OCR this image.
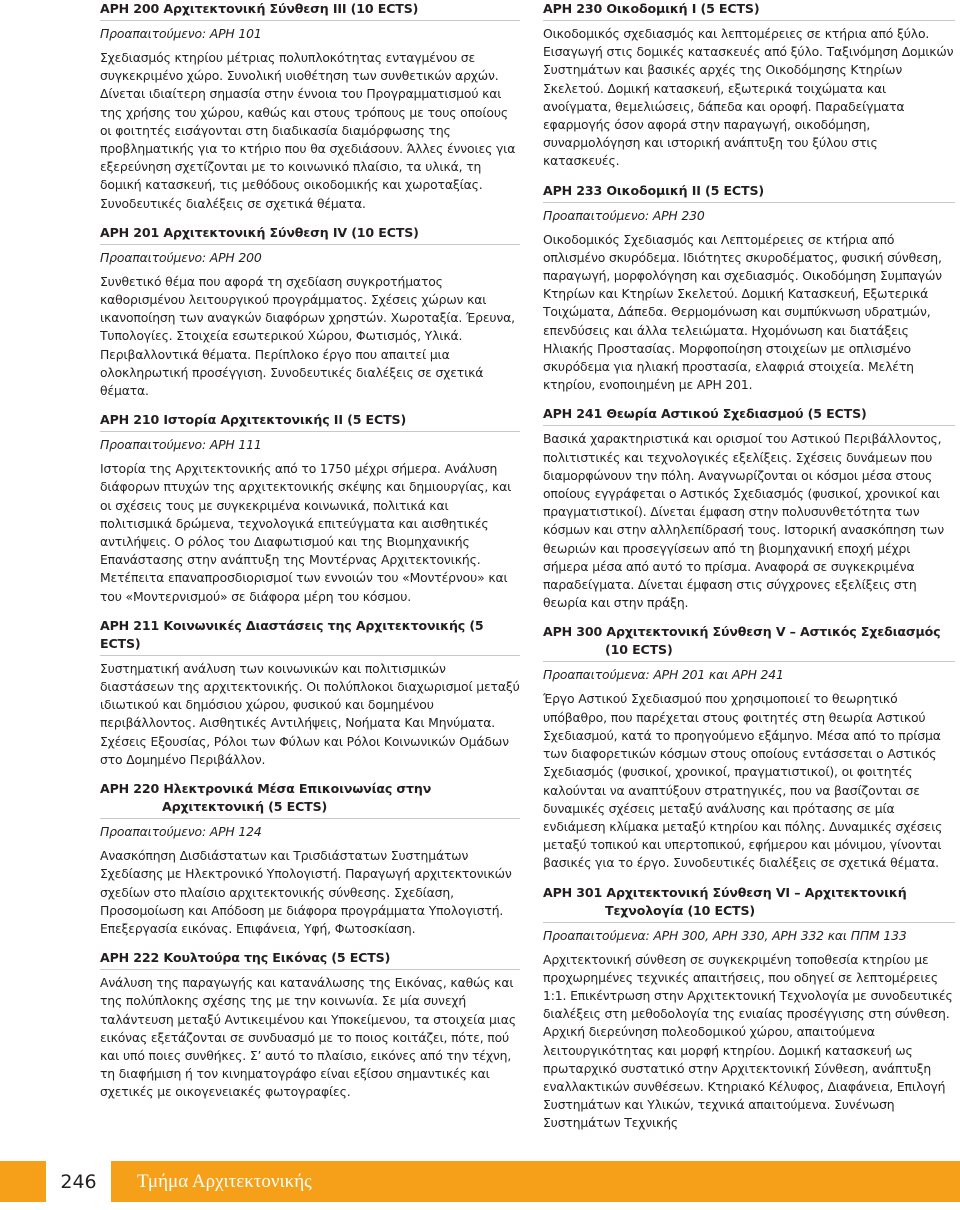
ΑΡΗ 200 Αρχιτεκτονική Σύνθεση ΙΙΙ (10 ECTS)
Προαπαιτούμενο: ΑΡΗ 101

Σχεδιασμός κτηρίου μέτριας πολυπλοκότητας ενταγμένου σε συγκεκριμένο χώρο. Συνολική υιοθέτηση των συνθετικών αρχών. Δίνεται ιδιαίτερη σημασία στην έννοια του Προγραμματισμού και της χρήσης του χώρου, καθώς και στους τρόπους με τους οποίους οι φοιτητές εισάγονται στη διαδικασία διαμόρφωσης της προβληματικής για το κτήριο που θα σχεδιάσουν. Άλλες έννοιες για εξερεύνηση σχετίζονται με το κοινωνικό πλαίσιο, τα υλικά, τη δομική κατασκευή, τις μεθόδους οικοδομικής και χωροταξίας. Συνοδευτικές διαλέξεις σε σχετικά θέματα.

ΑΡΗ 201 Αρχιτεκτονική Σύνθεση ΙV (10 ECTS)
Προαπαιτούμενο: ΑΡΗ 200

Συνθετικό θέμα που αφορά τη σχεδίαση συγκροτήματος καθορισμένου λειτουργικού προγράμματος. Σχέσεις χώρων και ικανοποίηση των αναγκών διαφόρων χρηστών. Χωροταξία. Έρευνα, Τυπολογίες. Στοιχεία εσωτερικού Χώρου, Φωτισμός, Υλικά. Περιβαλλοντικά θέματα. Περίπλοκο έργο που απαιτεί μια ολοκληρωτική προσέγγιση. Συνοδευτικές διαλέξεις σε σχετικά θέματα.

ΑΡΗ 210 Ιστορία Αρχιτεκτονικής ΙΙ (5 ECTS)
Προαπαιτούμενο: ΑΡΗ 111

Ιστορία της Αρχιτεκτονικής από το 1750 μέχρι σήμερα. Ανάλυση διάφορων πτυχών της αρχιτεκτονικής σκέψης και δημιουργίας, και οι σχέσεις τους με συγκεκριμένα κοινωνικά, πολιτικά και πολιτισμικά δρώμενα, τεχνολογικά επιτεύγματα και αισθητικές αντιλήψεις. Ο ρόλος του Διαφωτισμού και της Βιομηχανικής Επανάστασης στην ανάπτυξη της Μοντέρνας Αρχιτεκτονικής. Μετέπειτα επαναπροσδιορισμοί των εννοιών του «Μοντέρνου» και του «Μοντερνισμού» σε διάφορα μέρη του κόσμου.

ΑΡΗ 211 Κοινωνικές Διαστάσεις της Αρχιτεκτονικής (5 ECTS)

Συστηματική ανάλυση των κοινωνικών και πολιτισμικών διαστάσεων της αρχιτεκτονικής. Οι πολύπλοκοι διαχωρισμοί μεταξύ ιδιωτικού και δημόσιου χώρου, φυσικού και δομημένου περιβάλλοντος. Αισθητικές Αντιλήψεις, Νοήματα Και Μηνύματα. Σχέσεις Εξουσίας, Ρόλοι των Φύλων και Ρόλοι Κοινωνικών Ομάδων στο Δομημένο Περιβάλλον.

ΑΡΗ 220 Ηλεκτρονικά Μέσα Επικοινωνίας στην
Αρχιτεκτονική (5 ECTS)
Προαπαιτούμενο: ΑΡΗ 124

Ανασκόπηση Δισδιάστατων και Τρισδιάστατων Συστημάτων Σχεδίασης με Ηλεκτρονικό Υπολογιστή. Παραγωγή αρχιτεκτονικών σχεδίων στο πλαίσιο αρχιτεκτονικής σύνθεσης. Σχεδίαση, Προσομοίωση και Απόδοση με διάφορα προγράμματα Υπολογιστή. Επεξεργασία εικόνας. Επιφάνεια, Υφή, Φωτοσκίαση.

ΑΡΗ 222 Κουλτούρα της Εικόνας (5 ECTS)

Ανάλυση της παραγωγής και κατανάλωσης της Εικόνας, καθώς και της πολύπλοκης σχέσης της με την κοινωνία. Σε μία συνεχή ταλάντευση μεταξύ Αντικειμένου και Υποκείμενου, τα στοιχεία μιας εικόνας εξετάζονται σε συνδυασμό με το ποιος κοιτάζει, πότε, πού και υπό ποιες συνθήκες. Σ’ αυτό το πλαίσιο, εικόνες από την τέχνη, τη διαφήμιση ή τον κινηματογράφο είναι εξίσου σημαντικές και σχετικές με οικογενειακές φωτογραφίες.

ΑΡΗ 230 Οικοδομική Ι (5 ECTS)

Οικοδομικός σχεδιασμός και λεπτομέρειες σε κτήρια από ξύλο. Εισαγωγή στις δομικές κατασκευές από ξύλο. Ταξινόμηση Δομικών Συστημάτων και βασικές αρχές της Οικοδόμησης Κτηρίων Σκελετού. Δομική κατασκευή, εξωτερικά τοιχώματα και ανοίγματα, θεμελιώσεις, δάπεδα και οροφή. Παραδείγματα εφαρμογής όσον αφορά στην παραγωγή, οικοδόμηση, συναρμολόγηση και ιστορική ανάπτυξη του ξύλου στις κατασκευές.

ΑΡΗ 233 Οικοδομική ΙΙ (5 ECTS)
Προαπαιτούμενο: ΑΡΗ 230

Οικοδομικός Σχεδιασμός και Λεπτομέρειες σε κτήρια από οπλισμένο σκυρόδεμα. Ιδιότητες σκυροδέματος, φυσική σύνθεση, παραγωγή, μορφολόγηση και σχεδιασμός. Οικοδόμηση Συμπαγών Κτηρίων και Κτηρίων Σκελετού. Δομική Κατασκευή, Εξωτερικά Τοιχώματα, Δάπεδα. Θερμομόνωση και συμπύκνωση υδρατμών, επενδύσεις και άλλα τελειώματα. Ηχομόνωση και διατάξεις Ηλιακής Προστασίας. Μορφοποίηση στοιχείων με οπλισμένο σκυρόδεμα για ηλιακή προστασία, ελαφριά στοιχεία. Μελέτη κτηρίου, ενοποιημένη με ΑΡΗ 201.

ΑΡΗ 241 Θεωρία Αστικού Σχεδιασμού (5 ECTS)

Βασικά χαρακτηριστικά και ορισμοί του Αστικού Περιβάλλοντος, πολιτιστικές και τεχνολογικές εξελίξεις. Σχέσεις δυνάμεων που διαμορφώνουν την πόλη. Αναγνωρίζονται οι κόσμοι μέσα στους οποίους εγγράφεται ο Αστικός Σχεδιασμός (φυσικοί, χρονικοί και πραγματιστικοί). Δίνεται έμφαση στην πολυσυνθετότητα των κόσμων και στην αλληλεπίδρασή τους. Ιστορική ανασκόπηση των θεωριών και προσεγγίσεων από τη βιομηχανική εποχή μέχρι σήμερα μέσα από αυτό το πρίσμα. Αναφορά σε συγκεκριμένα παραδείγματα. Δίνεται έμφαση στις σύγχρονες εξελίξεις στη θεωρία και στην πράξη.

ΑΡΗ 300 Αρχιτεκτονική Σύνθεση V – Αστικός Σχεδιασμός
(10 ECTS)
Προαπαιτούμενα: ΑΡΗ 201 και ΑΡΗ 241

Έργο Αστικού Σχεδιασμού που χρησιμοποιεί το θεωρητικό υπόβαθρο, που παρέχεται στους φοιτητές στη θεωρία Αστικού Σχεδιασμού, κατά το προηγούμενο εξάμηνο. Μέσα από το πρίσμα των διαφορετικών κόσμων στους οποίους εντάσσεται ο Αστικός Σχεδιασμός (φυσικοί, χρονικοί, πραγματιστικοί), οι φοιτητές καλούνται να αναπτύξουν στρατηγικές, που να βασίζονται σε δυναμικές σχέσεις μεταξύ ανάλυσης και πρότασης σε μία ενδιάμεση κλίμακα μεταξύ κτηρίου και πόλης. Δυναμικές σχέσεις μεταξύ τοπικού και υπερτοπικού, εφήμερου και μόνιμου, γίνονται βασικές για το έργο. Συνοδευτικές διαλέξεις σε σχετικά θέματα.

ΑΡΗ 301 Αρχιτεκτονική Σύνθεση VI – Αρχιτεκτονική
Τεχνολογία (10 ECTS)
Προαπαιτούμενα: ΑΡΗ 300, ΑΡΗ 330, ΑΡΗ 332 και ΠΠΜ 133

Αρχιτεκτονική σύνθεση σε συγκεκριμένη τοποθεσία κτηρίου με προχωρημένες τεχνικές απαιτήσεις, που οδηγεί σε λεπτομέρειες 1:1. Επικέντρωση στην Αρχιτεκτονική Τεχνολογία με συνοδευτικές διαλέξεις στη μεθοδολογία της ενιαίας προσέγγισης στη σύνθεση. Αρχική διερεύνηση πολεοδομικού χώρου, απαιτούμενα λειτουργικότητας και μορφή κτηρίου. Δομική κατασκευή ως πρωταρχικό συστατικό στην Αρχιτεκτονική Σύνθεση, ανάπτυξη εναλλακτικών συνθέσεων. Κτηριακό Κέλυφος, Διαφάνεια, Επιλογή Συστημάτων και Υλικών, τεχνικά απαιτούμενα. Συνένωση Συστημάτων Τεχνικής

246	Τμήμα Αρχιτεκτονικής
